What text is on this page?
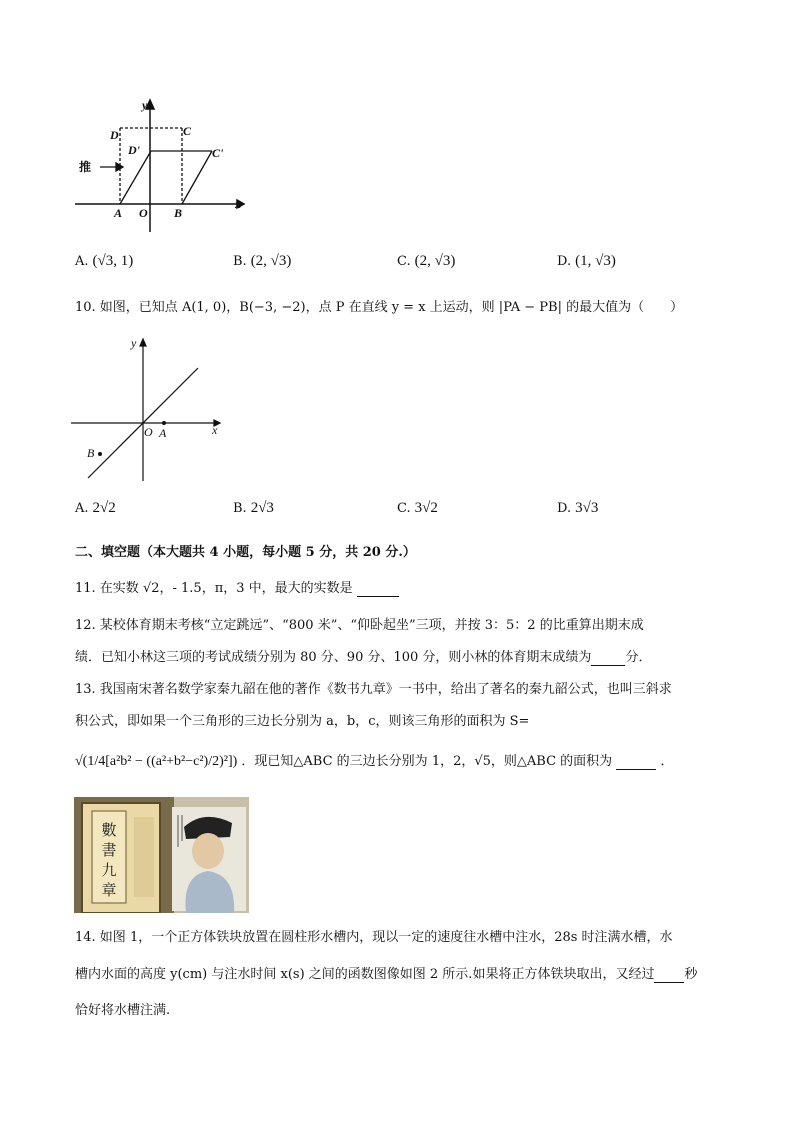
y
x
D	C
D'	C'
A O B
推
A. (√3, 1)	B. (2, √3)	C. (2, √3)	D. (1, √3)
10. 如图，已知点 A(1, 0)，B(−3, −2)，点 P 在直线 y = x 上运动，则 |PA − PB| 的最大值为（　　）
y
x
O A
B
A. 2√2	B. 2√3	C. 3√2	D. 3√3
二、填空题（本大题共 4 小题，每小题 5 分，共 20 分.）
11. 在实数 √2，- 1.5，π，3 中，最大的实数是
12. 某校体育期末考核“立定跳远”、“800 米”、“仰卧起坐”三项，并按 3：5：2 的比重算出期末成
绩．已知小林这三项的考试成绩分别为 80 分、90 分、100 分，则小林的体育期末成绩为	分．
13. 我国南宋著名数学家秦九韶在他的著作《数书九章》一书中，给出了著名的秦九韶公式，也叫三斜求
积公式，即如果一个三角形的三边长分别为 a，b，c，则该三角形的面积为 S=
√(1/4[a²b² − ((a²+b²−c²)/2)²]) ．现已知△ABC 的三边长分别为 1，2，√5，则△ABC 的面积为	．
數
書
九
章
14. 如图 1，一个正方体铁块放置在圆柱形水槽内，现以一定的速度往水槽中注水，28s 时注满水槽，水
槽内水面的高度 y(cm) 与注水时间 x(s) 之间的函数图像如图 2 所示.如果将正方体铁块取出，又经过 秒
恰好将水槽注满.
